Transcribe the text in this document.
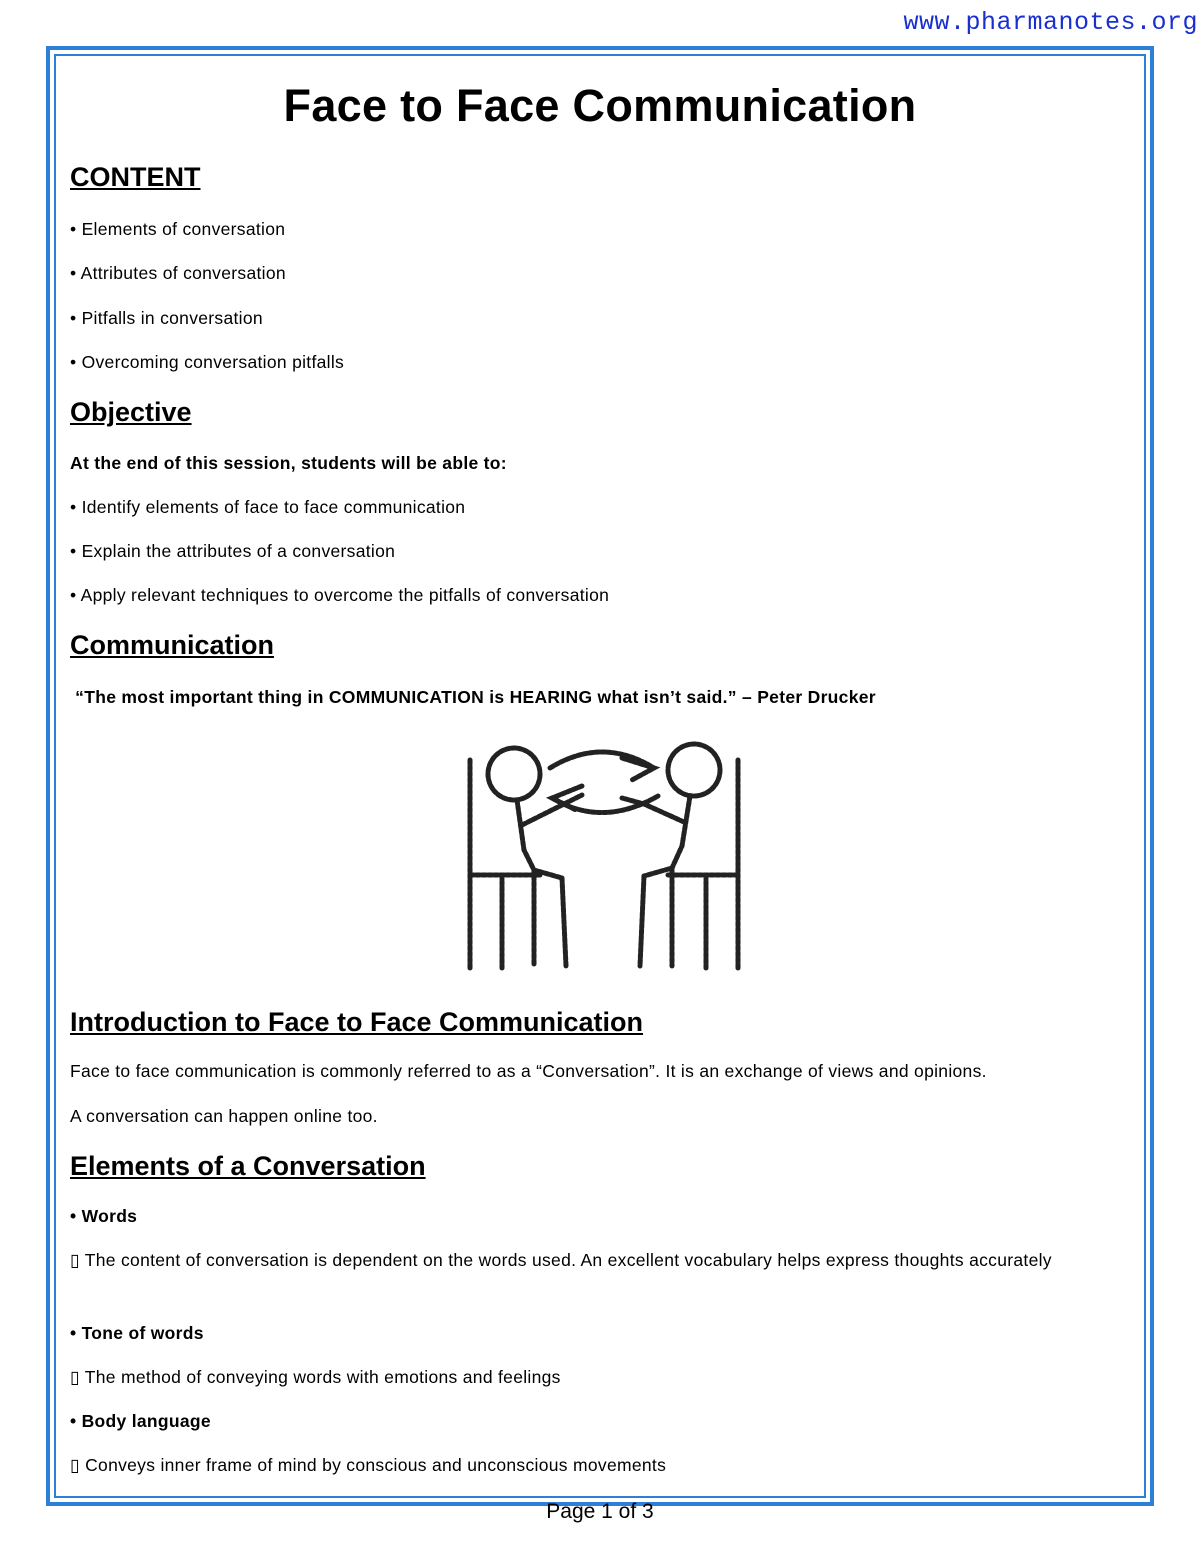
www.pharmanotes.org
Face to Face Communication
CONTENT

• Elements of conversation

• Attributes of conversation

• Pitfalls in conversation

• Overcoming conversation pitfalls

Objective

At the end of this session, students will be able to:

• Identify elements of face to face communication

• Explain the attributes of a conversation

• Apply relevant techniques to overcome the pitfalls of conversation

Communication

“The most important thing in COMMUNICATION is HEARING what isn’t said.” – Peter Drucker

Introduction to Face to Face Communication

Face to face communication is commonly referred to as a “Conversation”. It is an exchange of views and opinions.

A conversation can happen online too.

Elements of a Conversation

• Words

▯ The content of conversation is dependent on the words used. An excellent vocabulary helps express thoughts accurately

• Tone of words

▯ The method of conveying words with emotions and feelings

• Body language

▯ Conveys inner frame of mind by conscious and unconscious movements
Page 1 of 3
